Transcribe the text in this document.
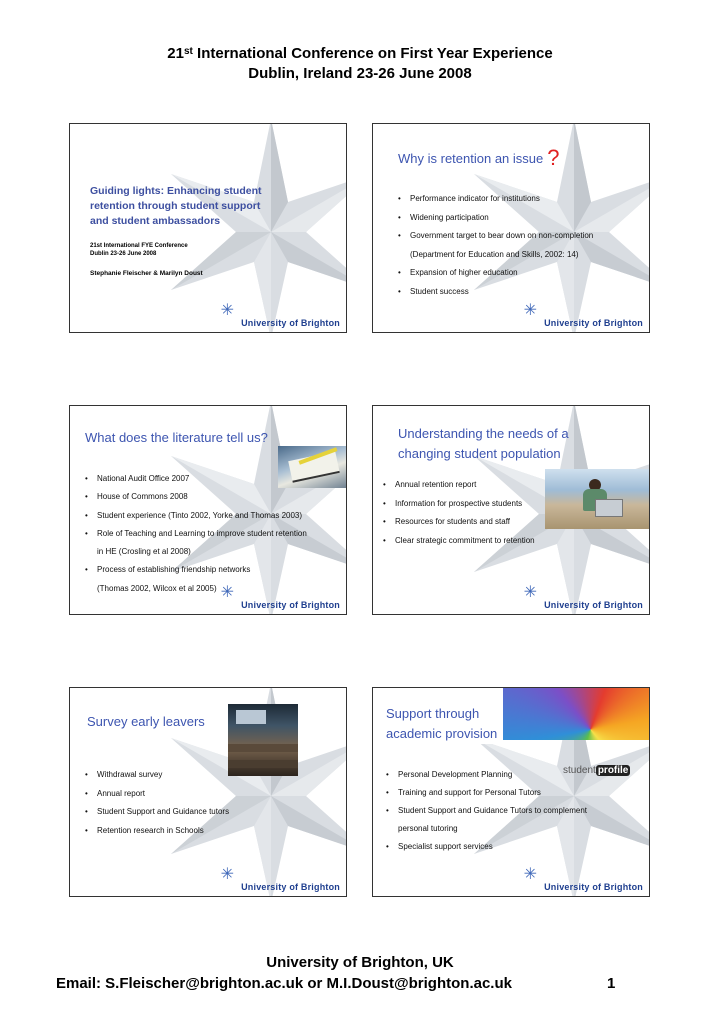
21st International Conference on First Year Experience
Dublin, Ireland 23-26 June 2008
Guiding lights: Enhancing student retention through student support and student ambassadors
21st International FYE Conference
Dublin 23-26 June 2008
Stephanie Fleischer & Marilyn Doust
✳
University of Brighton
Why is retention an issue ?
• Performance indicator for institutions
• Widening participation
• Government target to bear down on non-completion
(Department for Education and Skills, 2002: 14)
• Expansion of higher education
• Student success
✳
University of Brighton
What does the literature tell us?
• National Audit Office 2007
• House of Commons 2008
• Student experience (Tinto 2002, Yorke and Thomas 2003)
• Role of Teaching and Learning to improve student retention
in HE (Crosling et al 2008)
• Process of establishing friendship networks
(Thomas 2002, Wilcox et al 2005) ✳
University of Brighton
Understanding the needs of a
changing student population
• Annual retention report
• Information for prospective students
• Resources for students and staff
• Clear strategic commitment to retention
✳
University of Brighton
Survey early leavers
• Withdrawal survey
• Annual report
• Student Support and Guidance tutors
• Retention research in Schools
✳
University of Brighton
Support through
academic provision
student profile
• Personal Development Planning
• Training and support for Personal Tutors
• Student Support and Guidance Tutors to complement
personal tutoring
• Specialist support services
✳
University of Brighton
University of Brighton, UK
Email: S.Fleischer@brighton.ac.uk or M.I.Doust@brighton.ac.uk	1
